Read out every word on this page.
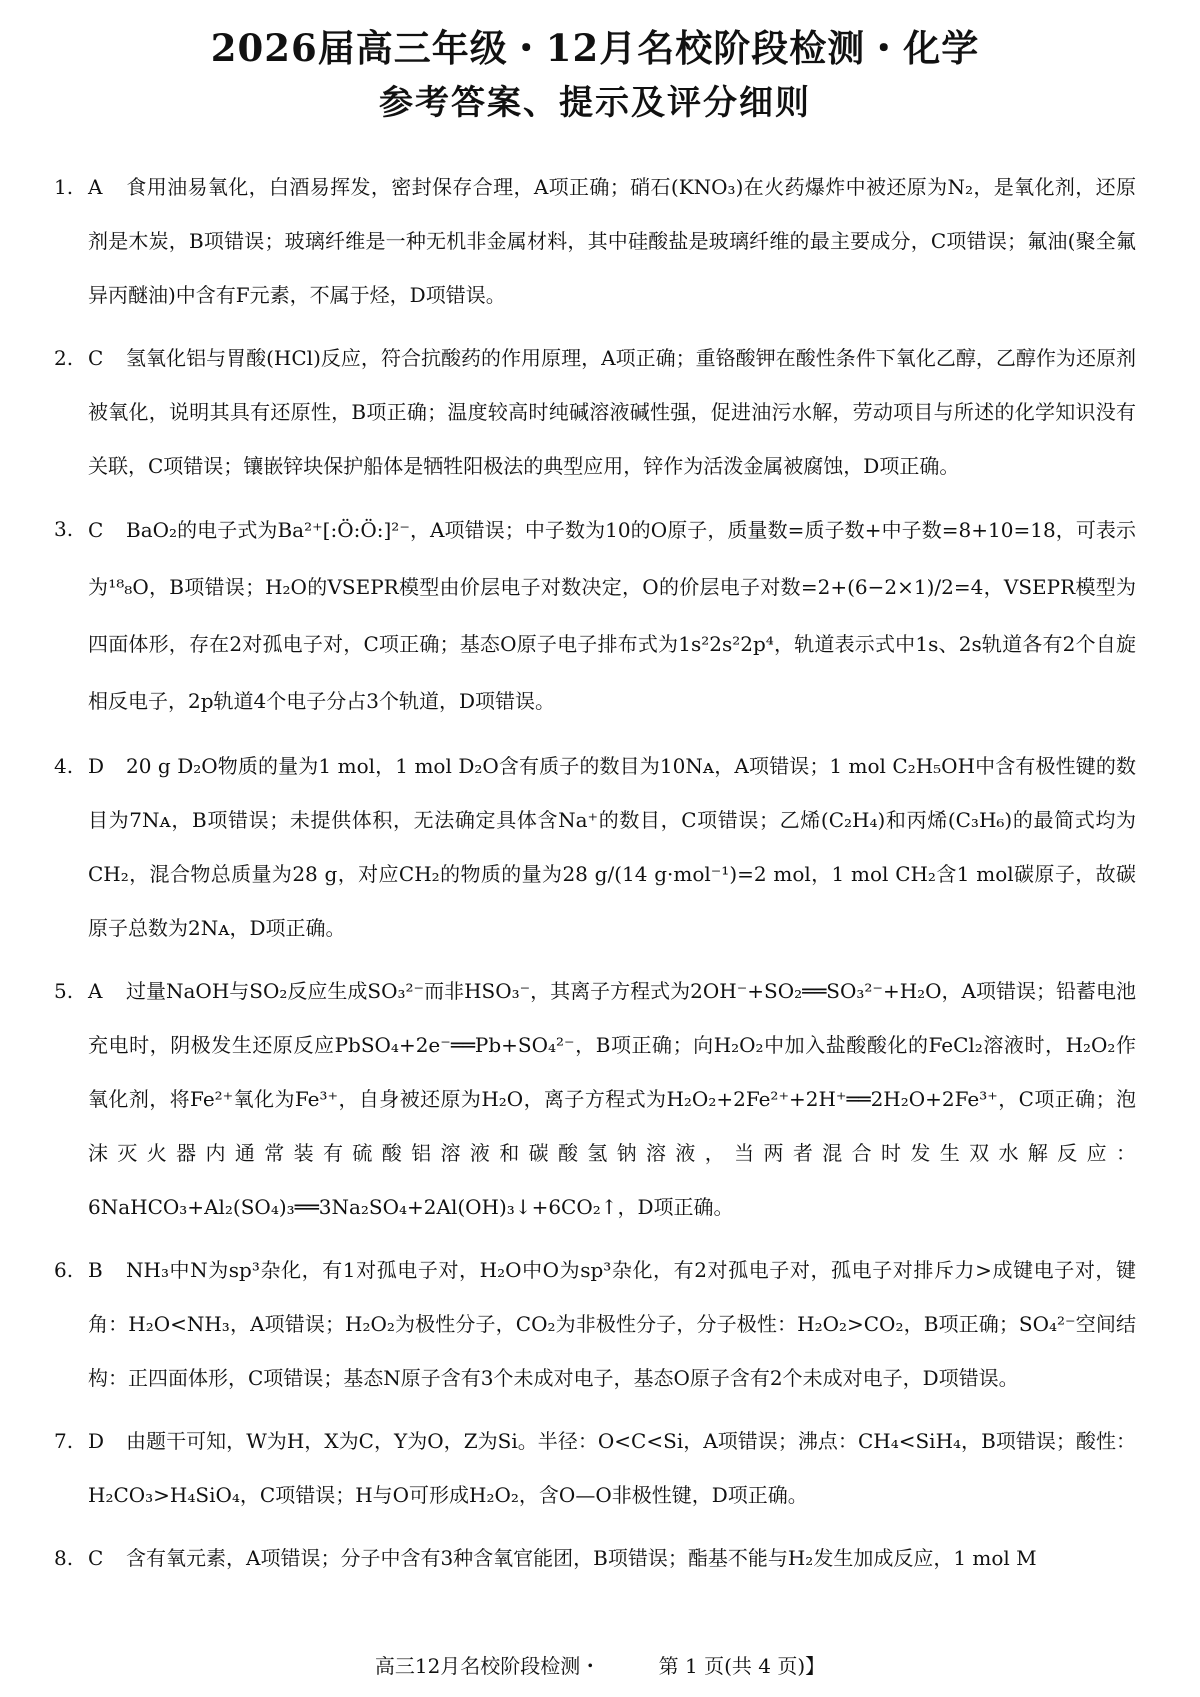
2026届高三年级・12月名校阶段检测・化学
参考答案、提示及评分细则
1. A 食用油易氧化，白酒易挥发，密封保存合理，A项正确；硝石(KNO₃)在火药爆炸中被还原为N₂，是氧化剂，还原剂是木炭，B项错误；玻璃纤维是一种无机非金属材料，其中硅酸盐是玻璃纤维的最主要成分，C项错误；氟油(聚全氟异丙醚油)中含有F元素，不属于烃，D项错误。
2. C 氢氧化铝与胃酸(HCl)反应，符合抗酸药的作用原理，A项正确；重铬酸钾在酸性条件下氧化乙醇，乙醇作为还原剂被氧化，说明其具有还原性，B项正确；温度较高时纯碱溶液碱性强，促进油污水解，劳动项目与所述的化学知识没有关联，C项错误；镶嵌锌块保护船体是牺牲阳极法的典型应用，锌作为活泼金属被腐蚀，D项正确。
3. C BaO₂的电子式为Ba²⁺[:Ö:Ö:]²⁻，A项错误；中子数为10的O原子，质量数=质子数+中子数=8+10=18，可表示为¹⁸₈O，B项错误；H₂O的VSEPR模型由价层电子对数决定，O的价层电子对数=2+(6−2×1)/2=4，VSEPR模型为四面体形，存在2对孤电子对，C项正确；基态O原子电子排布式为1s²2s²2p⁴，轨道表示式中1s、2s轨道各有2个自旋相反电子，2p轨道4个电子分占3个轨道，D项错误。
4. D 20 g D₂O物质的量为1 mol，1 mol D₂O含有质子的数目为10Nᴀ，A项错误；1 mol C₂H₅OH中含有极性键的数目为7Nᴀ，B项错误；未提供体积，无法确定具体含Na⁺的数目，C项错误；乙烯(C₂H₄)和丙烯(C₃H₆)的最简式均为CH₂，混合物总质量为28 g，对应CH₂的物质的量为28 g/(14 g·mol⁻¹)=2 mol，1 mol CH₂含1 mol碳原子，故碳原子总数为2Nᴀ，D项正确。
5. A 过量NaOH与SO₂反应生成SO₃²⁻而非HSO₃⁻，其离子方程式为2OH⁻+SO₂══SO₃²⁻+H₂O，A项错误；铅蓄电池充电时，阴极发生还原反应PbSO₄+2e⁻══Pb+SO₄²⁻，B项正确；向H₂O₂中加入盐酸酸化的FeCl₂溶液时，H₂O₂作氧化剂，将Fe²⁺氧化为Fe³⁺，自身被还原为H₂O，离子方程式为H₂O₂+2Fe²⁺+2H⁺══2H₂O+2Fe³⁺，C项正确；泡沫灭火器内通常装有硫酸铝溶液和碳酸氢钠溶液，当两者混合时发生双水解反应：6NaHCO₃+Al₂(SO₄)₃══3Na₂SO₄+2Al(OH)₃↓+6CO₂↑，D项正确。
6. B NH₃中N为sp³杂化，有1对孤电子对，H₂O中O为sp³杂化，有2对孤电子对，孤电子对排斥力>成键电子对，键角：H₂O<NH₃，A项错误；H₂O₂为极性分子，CO₂为非极性分子，分子极性：H₂O₂>CO₂，B项正确；SO₄²⁻空间结构：正四面体形，C项错误；基态N原子含有3个未成对电子，基态O原子含有2个未成对电子，D项错误。
7. D 由题干可知，W为H，X为C，Y为O，Z为Si。半径：O<C<Si，A项错误；沸点：CH₄<SiH₄，B项错误；酸性：H₂CO₃>H₄SiO₄，C项错误；H与O可形成H₂O₂，含O—O非极性键，D项正确。
8. C 含有氧元素，A项错误；分子中含有3种含氧官能团，B项错误；酯基不能与H₂发生加成反应，1 mol M
高三12月名校阶段检测・	第 1 页(共 4 页)】
